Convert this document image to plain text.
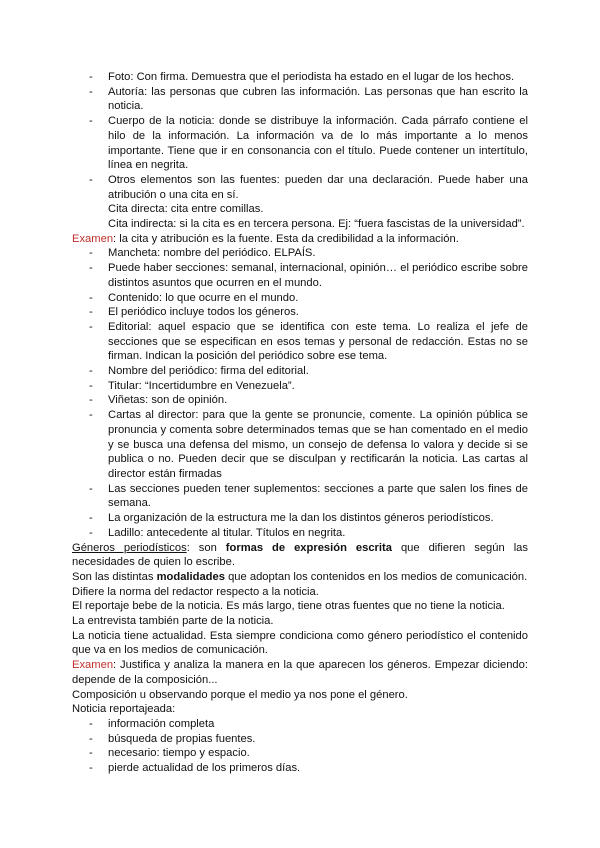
- Foto: Con firma. Demuestra que el periodista ha estado en el lugar de los hechos.
- Autoría: las personas que cubren las información. Las personas que han escrito la noticia.
- Cuerpo de la noticia: donde se distribuye la información. Cada párrafo contiene el hilo de la información. La información va de lo más importante a lo menos importante. Tiene que ir en consonancia con el título. Puede contener un intertítulo, línea en negrita.
- Otros elementos son las fuentes: pueden dar una declaración. Puede haber una atribución o una cita en sí.
Cita directa: cita entre comillas.
Cita indirecta: si la cita es en tercera persona. Ej: “fuera fascistas de la universidad”.

Examen: la cita y atribución es la fuente. Esta da credibilidad a la información.

- Mancheta: nombre del periódico. ELPAÍS.
- Puede haber secciones: semanal, internacional, opinión… el periódico escribe sobre distintos asuntos que ocurren en el mundo.
- Contenido: lo que ocurre en el mundo.
- El periódico incluye todos los géneros.
- Editorial: aquel espacio que se identifica con este tema. Lo realiza el jefe de secciones que se especifican en esos temas y personal de redacción. Estas no se firman. Indican la posición del periódico sobre ese tema.
- Nombre del periódico: firma del editorial.
- Titular: “Incertidumbre en Venezuela”.
- Viñetas: son de opinión.
- Cartas al director: para que la gente se pronuncie, comente. La opinión pública se pronuncia y comenta sobre determinados temas que se han comentado en el medio y se busca una defensa del mismo, un consejo de defensa lo valora y decide si se publica o no. Pueden decir que se disculpan y rectificarán la noticia. Las cartas al director están firmadas
- Las secciones pueden tener suplementos: secciones a parte que salen los fines de semana.
- La organización de la estructura me la dan los distintos géneros periodísticos.
- Ladillo: antecedente al titular. Títulos en negrita.

Géneros periodísticos: son formas de expresión escrita que difieren según las necesidades de quien lo escribe.

Son las distintas modalidades que adoptan los contenidos en los medios de comunicación.

Difiere la norma del redactor respecto a la noticia.

El reportaje bebe de la noticia. Es más largo, tiene otras fuentes que no tiene la noticia.

La entrevista también parte de la noticia.

La noticia tiene actualidad. Esta siempre condiciona como género periodístico el contenido que va en los medios de comunicación.

Examen: Justifica y analiza la manera en la que aparecen los géneros. Empezar diciendo: depende de la composición...

Composición u observando porque el medio ya nos pone el género.

Noticia reportajeada:

- información completa
- búsqueda de propias fuentes.
- necesario: tiempo y espacio.
- pierde actualidad de los primeros días.
